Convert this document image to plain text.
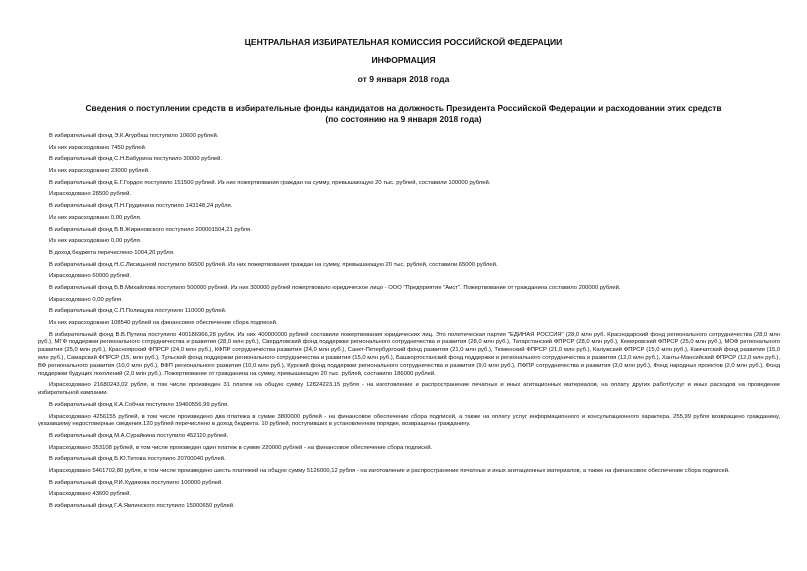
ЦЕНТРАЛЬНАЯ ИЗБИРАТЕЛЬНАЯ КОМИССИЯ РОССИЙСКОЙ ФЕДЕРАЦИИ
ИНФОРМАЦИЯ
от 9 января 2018 года
Сведения о поступлении средств в избирательные фонды кандидатов на должность Президента Российской Федерации и расходовании этих средств
(по состоянию на 9 января 2018 года)

В избирательный фонд Э.К.Агурбаш поступило 10600 рублей.

Из них израсходовано 7450 рублей.

В избирательный фонд С.Н.Бабурина поступило 30000 рублей.

Из них израсходовано 23000 рублей.

В избирательный фонд Е.Г.Гордон поступило 151500 рублей. Из них пожертвования граждан на сумму, превышающую 20 тыс. рублей, составили 100000 рублей.

Израсходовано 28500 рублей.

В избирательный фонд П.Н.Грудинина поступило 143148,24 рубля.

Из них израсходовано 0,00 рубля.

В избирательный фонд В.В.Жириновского поступило 200001504,21 рубля.

Из них израсходовано 0,00 рубля.

В доход бюджета перечислено 1004,20 рубля.

В избирательный фонд Н.С.Лисицыной поступило 66500 рублей. Из них пожертвования граждан на сумму, превышающую 20 тыс. рублей, составили 65000 рублей.

Израсходовано 60000 рублей.

В избирательный фонд Б.В.Михайлова поступило 500000 рублей. Из них 300000 рублей пожертвовало юридическое лицо - ООО "Предприятие "Аист". Пожертвование от гражданина составило 200000 рублей.

Израсходовано 0,00 рубля.

В избирательный фонд С.П.Полищука поступило 110000 рублей.

Из них израсходовано 108540 рублей на финансовое обеспечение сбора подписей.

В избирательный фонд В.В.Путина поступило 400186966,28 рубля. Из них 400000000 рублей составили пожертвования юридических лиц. Это политическая партия "ЕДИНАЯ РОССИЯ" (28,0 млн руб. Краснодарский фонд регионального сотрудничества (28,0 млн руб.), МГФ поддержки регионального сотрудничества и развития (28,0 млн руб.), Свердловский фонд поддержки регионального сотрудничества и развития (28,0 млн руб.), Татарстанский ФПРСР (28,0 млн руб.), Кемеровский ФПРСР (25,0 млн руб.), МОФ регионального развития (25,0 млн руб.), Красноярский ФПРСР (24,0 млн руб.), КФПР сотрудничества развития (24,0 млн руб.), Санкт-Петербургский фонд развития (21,0 млн руб.), Тюменский ФПРСР (21,0 млн руб.), Калужский ФПРСР (15,0 млн руб.), Камчатский фонд развития (15,0 млн руб.), Самарский ФПРСР (15, млн руб.), Тульский фонд поддержки регионального сотрудничества и развития (15,0 млн руб.), Башкортостанский фонд поддержки и регионального сотрудничества и развития (12,0 млн руб.), Ханты-Мансийский ФПРСР (12,0 млн руб.), ВФ регионального развития (10,0 млн руб.), ВФП регионального развития (10,0 млн руб.), Курский фонд поддержки регионального сотрудничества и развития (9,0 млн руб.), ПФПР сотрудничества и развития (3,0 млн руб.), Фонд народных проектов (2,0 млн руб.), Фонд поддержки будущих поколений (2,0 млн руб.). Пожертвование от гражданина на сумму, превышающую 20 тыс. рублей, составило 186000 рублей.

Израсходовано 21680243,02 рубля, в том числе произведен 31 платеж на общую сумму 12824223,15 рубля - на изготовление и распространение печатных и иных агитационных материалов, на оплату других работ/услуг и иных расходов на проведение избирательной кампании.

В избирательный фонд К.А.Собчак поступило 19460556,99 рубля.

Израсходовано 4256155 рублей, в том числе произведено два платежа в сумме 3800000 рублей - на финансовое обеспечение сбора подписей, а также на оплату услуг информационного и консультационного характера. 255,99 рубля возвращено гражданину, указавшему недостоверные сведения.120 рублей перечислено в доход бюджета. 10 рублей, поступивших в установленном порядке, возвращены гражданину.

В избирательный фонд М.А.Сурайкина поступило 452110 рублей.

Израсходовано 353108 рублей, в том числе произведен один платеж в сумме 220000 рублей - на финансовое обеспечение сбора подписей.

В избирательный фонд Б.Ю.Титова поступило 20700040 рублей.

Израсходовано 5461702,80 рубля, в том числе произведено шесть платежей на общую сумму 5126000,12 рубля - на изготовление и распространение печатных и иных агитационных материалов, а также на финансовое обеспечение сбора подписей.

В избирательный фонд Р.И.Худякова поступило 100000 рублей.

Израсходовано 43600 рублей.

В избирательный фонд Г.А.Явлинского поступило 15000650 рублей.
